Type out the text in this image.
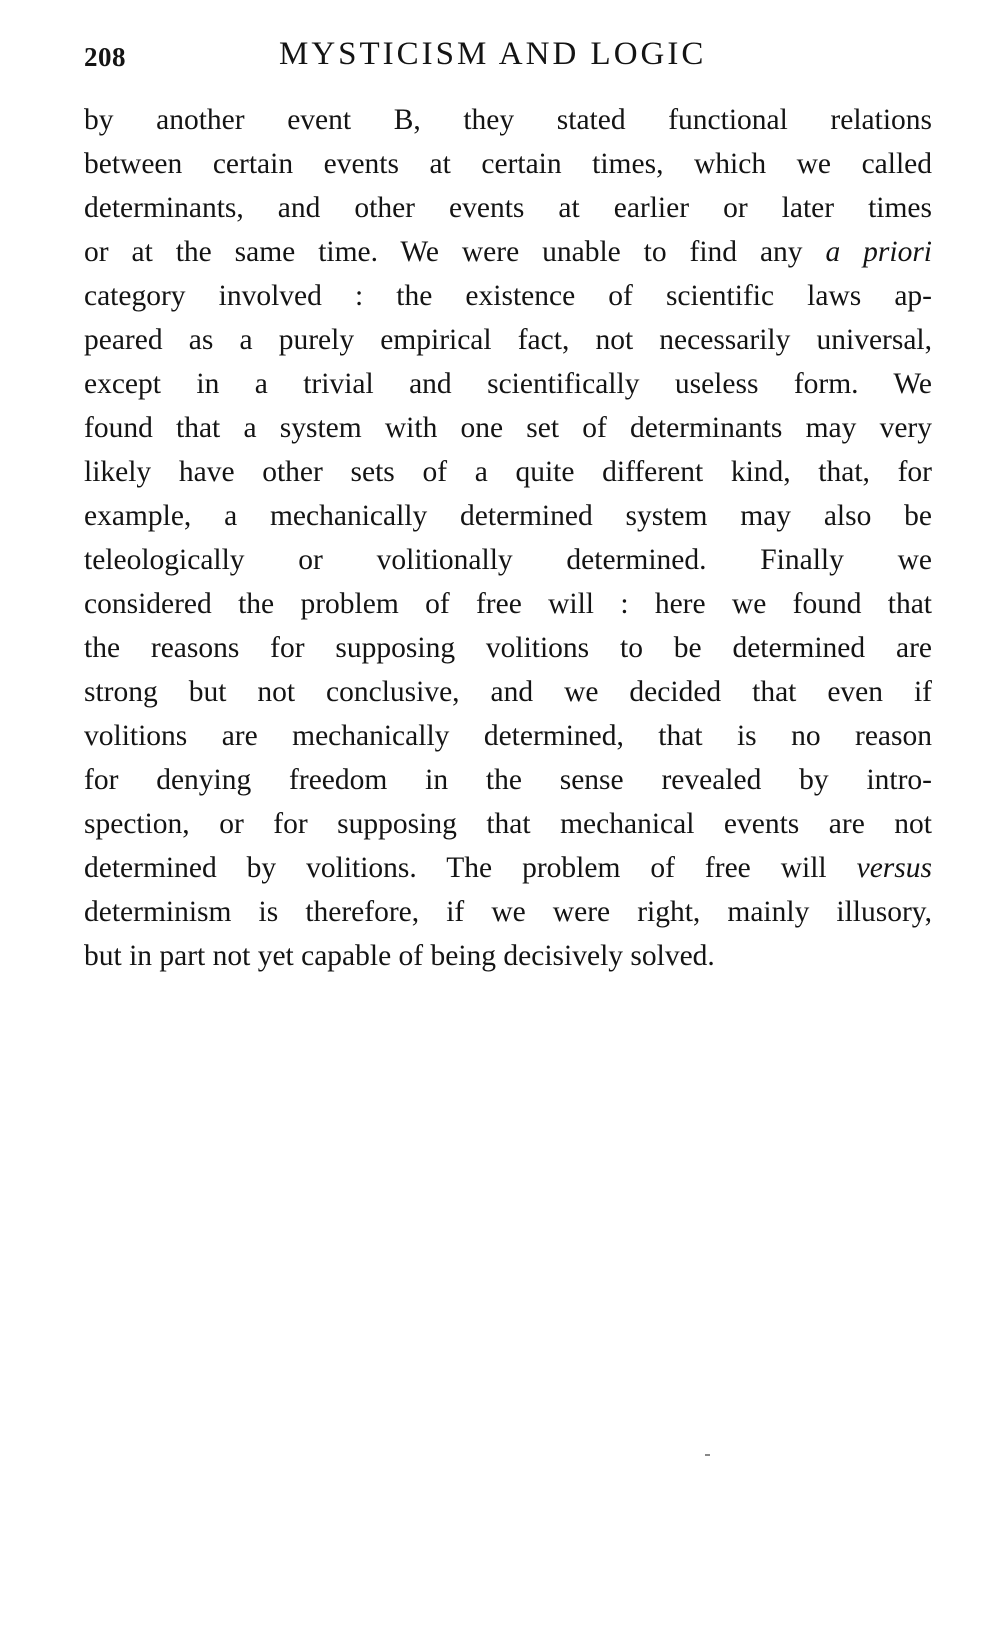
208	MYSTICISM AND LOGIC
by another event B, they stated functional relations
between certain events at certain times, which we called
determinants, and other events at earlier or later times
or at the same time. We were unable to find any a priori
category involved : the existence of scientific laws ap-
peared as a purely empirical fact, not necessarily universal,
except in a trivial and scientifically useless form. We
found that a system with one set of determinants may very
likely have other sets of a quite different kind, that, for
example, a mechanically determined system may also be
teleologically or volitionally determined. Finally we
considered the problem of free will : here we found that
the reasons for supposing volitions to be determined are
strong but not conclusive, and we decided that even if
volitions are mechanically determined, that is no reason
for denying freedom in the sense revealed by intro-
spection, or for supposing that mechanical events are not
determined by volitions. The problem of free will versus
determinism is therefore, if we were right, mainly illusory,
but in part not yet capable of being decisively solved.
